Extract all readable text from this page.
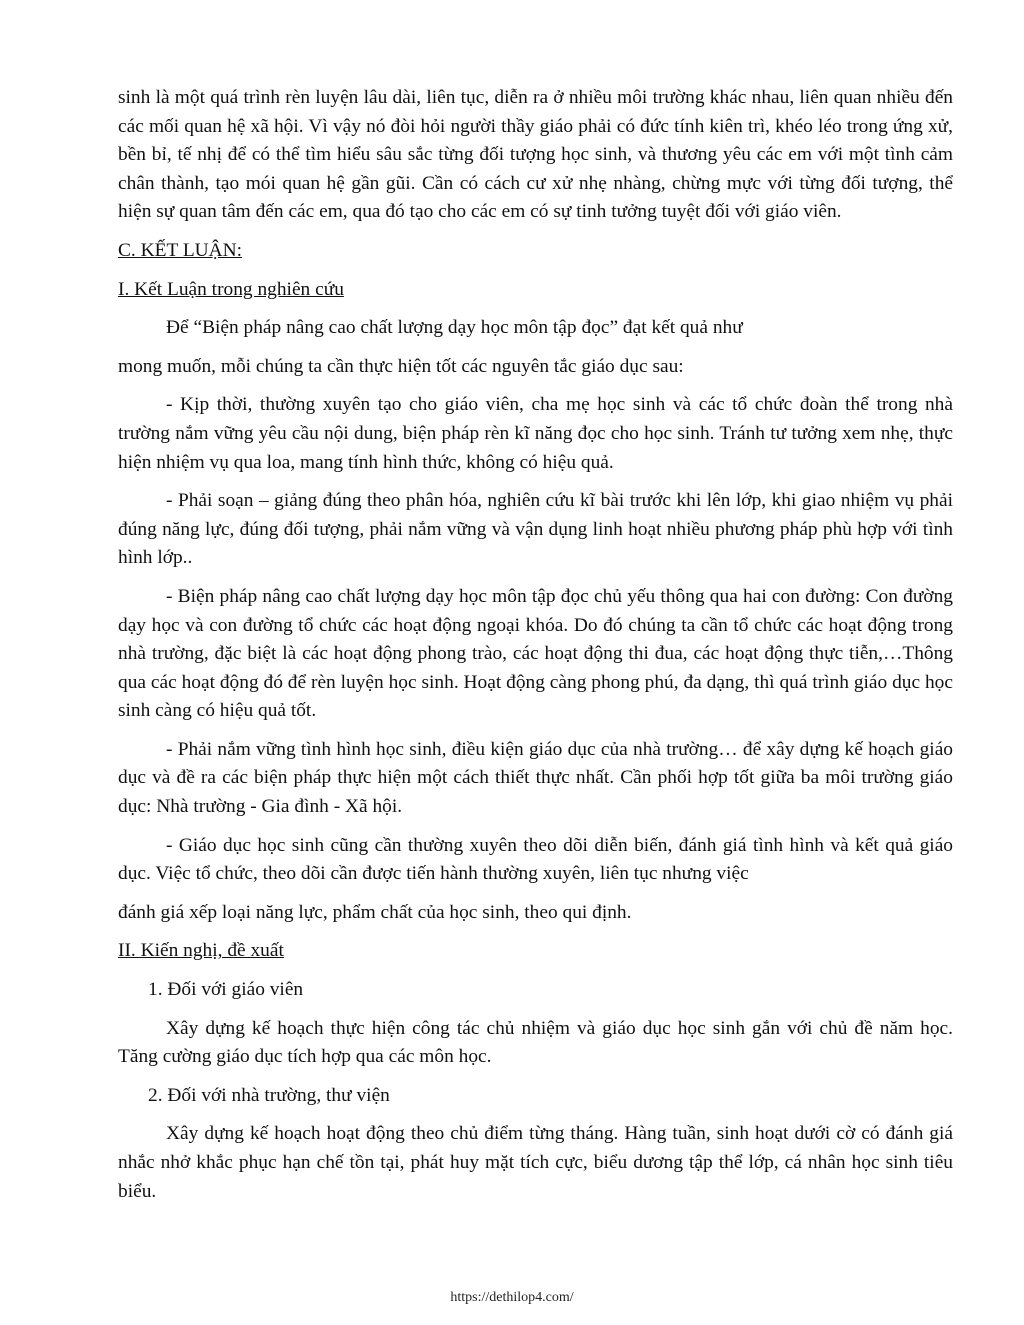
sinh là một quá trình rèn luyện lâu dài, liên tục, diễn ra ở nhiều môi trường khác nhau, liên quan nhiều đến các mối quan hệ xã hội. Vì vậy nó đòi hỏi người thầy giáo phải có đức tính kiên trì, khéo léo trong ứng xử, bền bỉ, tế nhị để có thể tìm hiểu sâu sắc từng đối tượng học sinh, và thương yêu các em với một tình cảm chân thành, tạo mói quan hệ gần gũi. Cần có cách cư xử nhẹ nhàng, chừng mực với từng đối tượng, thể hiện sự quan tâm đến các em, qua đó tạo cho các em có sự tinh tưởng tuyệt đối với giáo viên.

C. KẾT LUẬN:

I. Kết Luận trong nghiên cứu

Để “Biện pháp nâng cao chất lượng dạy học môn tập đọc” đạt kết quả như

mong muốn, mỗi chúng ta cần thực hiện tốt các nguyên tắc giáo dục sau:

- Kịp thời, thường xuyên tạo cho giáo viên, cha mẹ học sinh và các tổ chức đoàn thể trong nhà trường nắm vững yêu cầu nội dung, biện pháp rèn kĩ năng đọc cho học sinh. Tránh tư tưởng xem nhẹ, thực hiện nhiệm vụ qua loa, mang tính hình thức, không có hiệu quả.

- Phải soạn – giảng đúng theo phân hóa, nghiên cứu kĩ bài trước khi lên lớp, khi giao nhiệm vụ phải đúng năng lực, đúng đối tượng, phải nắm vững và vận dụng linh hoạt nhiều phương pháp phù hợp với tình hình lớp..

- Biện pháp nâng cao chất lượng dạy học môn tập đọc chủ yếu thông qua hai con đường: Con đường dạy học và con đường tổ chức các hoạt động ngoại khóa. Do đó chúng ta cần tổ chức các hoạt động trong nhà trường, đặc biệt là các hoạt động phong trào, các hoạt động thi đua, các hoạt động thực tiễn,…Thông qua các hoạt động đó để rèn luyện học sinh. Hoạt động càng phong phú, đa dạng, thì quá trình giáo dục học sinh càng có hiệu quả tốt.

- Phải nắm vững tình hình học sinh, điều kiện giáo dục của nhà trường… để xây dựng kế hoạch giáo dục và đề ra các biện pháp thực hiện một cách thiết thực nhất. Cần phối hợp tốt giữa ba môi trường giáo dục: Nhà trường - Gia đình - Xã hội.

- Giáo dục học sinh cũng cần thường xuyên theo dõi diễn biến, đánh giá tình hình và kết quả giáo dục. Việc tổ chức, theo dõi cần được tiến hành thường xuyên, liên tục nhưng việc

đánh giá xếp loại năng lực, phẩm chất của học sinh, theo qui định.

II. Kiến nghị, đề xuất

1. Đối với giáo viên

Xây dựng kế hoạch thực hiện công tác chủ nhiệm và giáo dục học sinh gắn với chủ đề năm học. Tăng cường giáo dục tích hợp qua các môn học.

2. Đối với nhà trường, thư viện

Xây dựng kế hoạch hoạt động theo chủ điểm từng tháng. Hàng tuần, sinh hoạt dưới cờ có đánh giá nhắc nhở khắc phục hạn chế tồn tại, phát huy mặt tích cực, biểu dương tập thể lớp, cá nhân học sinh tiêu biểu.

https://dethilop4.com/
